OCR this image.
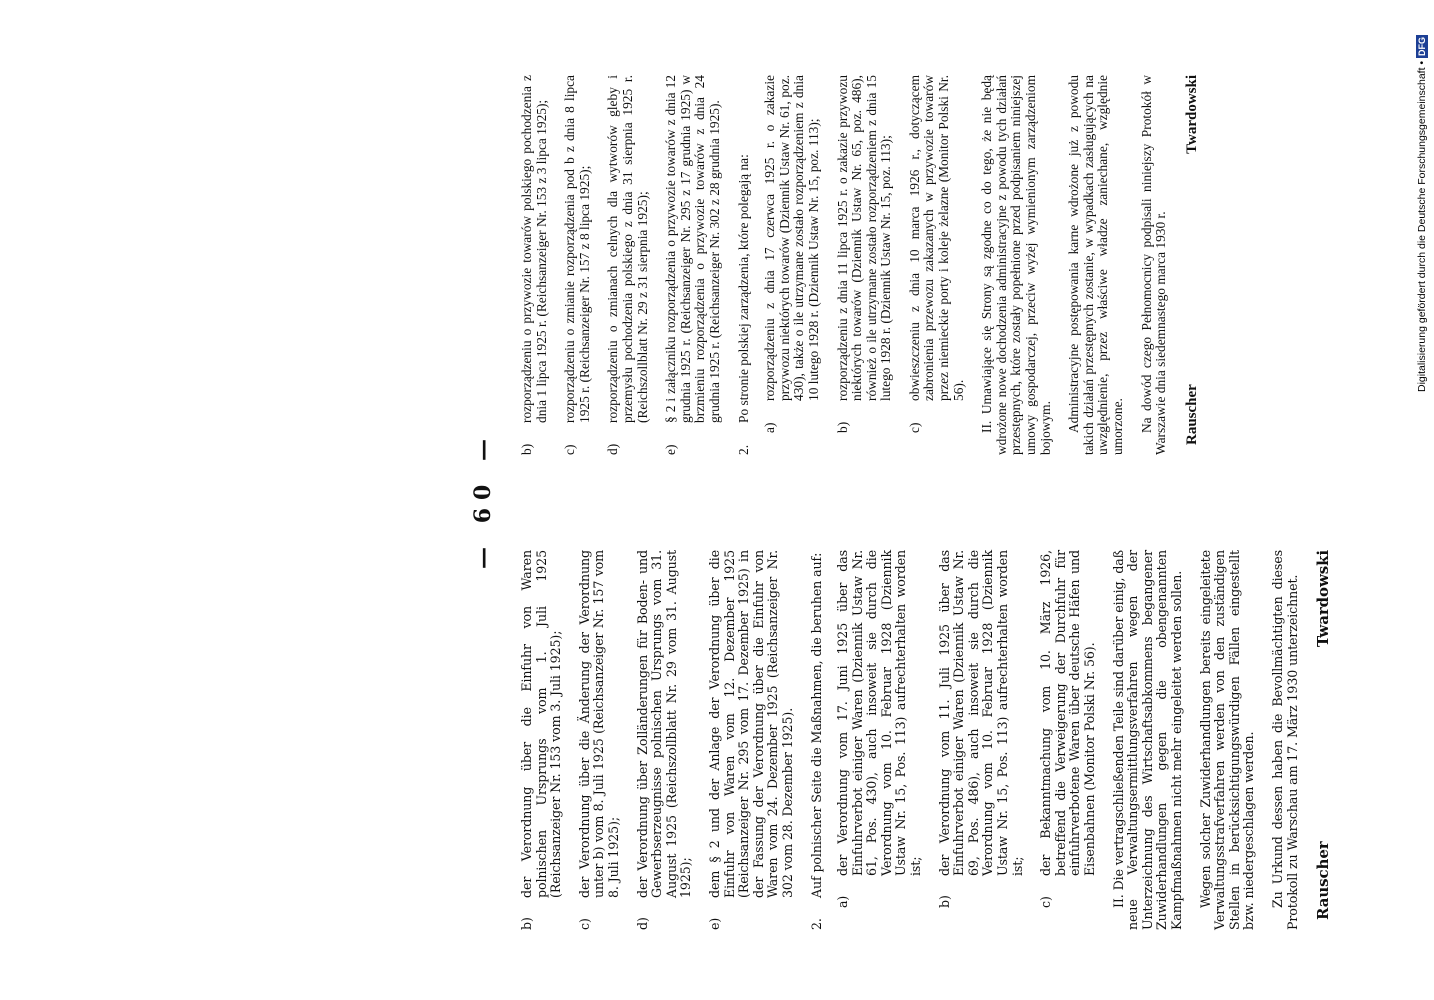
— 60 —
b)
der Verordnung über die Einfuhr von Waren polnischen Ursprungs vom 1. Juli 1925 (Reichsanzeiger Nr. 153 vom 3. Juli 1925);
c)
der Verordnung über die Änderung der Verordnung unter b) vom 8. Juli 1925 (Reichsanzeiger Nr. 157 vom 8. Juli 1925);
d)
der Verordnung über Zolländerungen für Boden- und Gewerbserzeugnisse polnischen Ursprungs vom 31. August 1925 (Reichszollblatt Nr. 29 vom 31. August 1925);
e)
dem § 2 und der Anlage der Verordnung über die Einfuhr von Waren vom 12. Dezember 1925 (Reichsanzeiger Nr. 295 vom 17. Dezember 1925) in der Fassung der Verordnung über die Einfuhr von Waren vom 24. Dezember 1925 (Reichsanzeiger Nr. 302 vom 28. Dezember 1925).
2.
Auf polnischer Seite die Maßnahmen, die beruhen auf:
a)
der Verordnung vom 17. Juni 1925 über das Einfuhrverbot einiger Waren (Dziennik Ustaw Nr. 61, Pos. 430), auch insoweit sie durch die Verordnung vom 10. Februar 1928 (Dziennik Ustaw Nr. 15, Pos. 113) aufrechterhalten worden ist;
b)
der Verordnung vom 11. Juli 1925 über das Einfuhrverbot einiger Waren (Dziennik Ustaw Nr. 69, Pos. 486), auch insoweit sie durch die Verordnung vom 10. Februar 1928 (Dziennik Ustaw Nr. 15, Pos. 113) aufrechterhalten worden ist;
c)
der Bekanntmachung vom 10. März 1926, betreffend die Verweigerung der Durchfuhr für einfuhrverbotene Waren über deutsche Häfen und Eisenbahnen (Monitor Polski Nr. 56). II. Die vertragschließenden Teile sind darüber einig, daß neue Verwaltungsermittlungsverfahren wegen der Unterzeichnung des Wirtschaftsabkommens begangener Zuwiderhandlungen gegen die obengenannten Kampfmaßnahmen nicht mehr eingeleitet werden sollen. Wegen solcher Zuwiderhandlungen bereits eingeleitete Verwaltungsstrafverfahren werden von den zuständigen Stellen in berücksichtigungswürdigen Fällen eingestellt bzw. niedergeschlagen werden. Zu Urkund dessen haben die Bevollmächtigten dieses Protokoll zu Warschau am 17. März 1930 unterzeichnet. Rauscher
Twardowski
b)
rozporządzeniu o przywozie towarów polskiego pochodzenia z dnia 1 lipca 1925 r. (Reichsanzeiger Nr. 153 z 3 lipca 1925);
c)
rozporządzeniu o zmianie rozporządzenia pod b z dnia 8 lipca 1925 r. (Reichsanzeiger Nr. 157 z 8 lipca 1925);
d)
rozporządzeniu o zmianach celnych dla wytworów gleby i przemysłu pochodzenia polskiego z dnia 31 sierpnia 1925 r. (Reichszollblatt Nr. 29 z 31 sierpnia 1925);
e)
§ 2 i załączniku rozporządzenia o przywozie towarów z dnia 12 grudnia 1925 r. (Reichsanzeiger Nr. 295 z 17 grudnia 1925) w brzmieniu rozporządzenia o przywozie towarów z dnia 24 grudnia 1925 r. (Reichsanzeiger Nr. 302 z 28 grudnia 1925).
2.
Po stronie polskiej zarządzenia, które polegają na:
a)
rozporządzeniu z dnia 17 czerwca 1925 r. o zakazie przywozu niektórych towarów (Dziennik Ustaw Nr. 61, poz. 430), także o ile utrzymane zostało rozporządzeniem z dnia 10 lutego 1928 r. (Dziennik Ustaw Nr. 15, poz. 113);
b)
rozporządzeniu z dnia 11 lipca 1925 r. o zakazie przywozu niektórych towarów (Dziennik Ustaw Nr. 65, poz. 486), również o ile utrzymane zostało rozporządzeniem z dnia 15 lutego 1928 r. (Dziennik Ustaw Nr. 15, poz. 113);
c)
obwieszczeniu z dnia 10 marca 1926 r., dotyczącem zabronienia przewozu zakazanych w przywozie towarów przez niemieckie porty i koleje żelazne (Monitor Polski Nr. 56). II. Umawiające się Strony są zgodne co do tego, że nie będą wdrożone nowe dochodzenia administracyjne z powodu tych działań przestępnych, które zostały popełnione przed podpisaniem niniejszej umowy gospodarczej, przeciw wyżej wymienionym zarządzeniom bojowym. Administracyjne postępowania karne wdrożone już z powodu takich działań przestępnych zostanie, w wypadkach zasługujących na uwzględnienie, przez właściwe władze zaniechane, względnie umorzone. Na dowód czego Pełnomocnicy podpisali niniejszy Protokół w Warszawie dnia siedemnastego marca 1930 r. Rauscher
Twardowski	Digitalisierung gefördert durch die Deutsche Forschungsgemeinschaft • DFG
